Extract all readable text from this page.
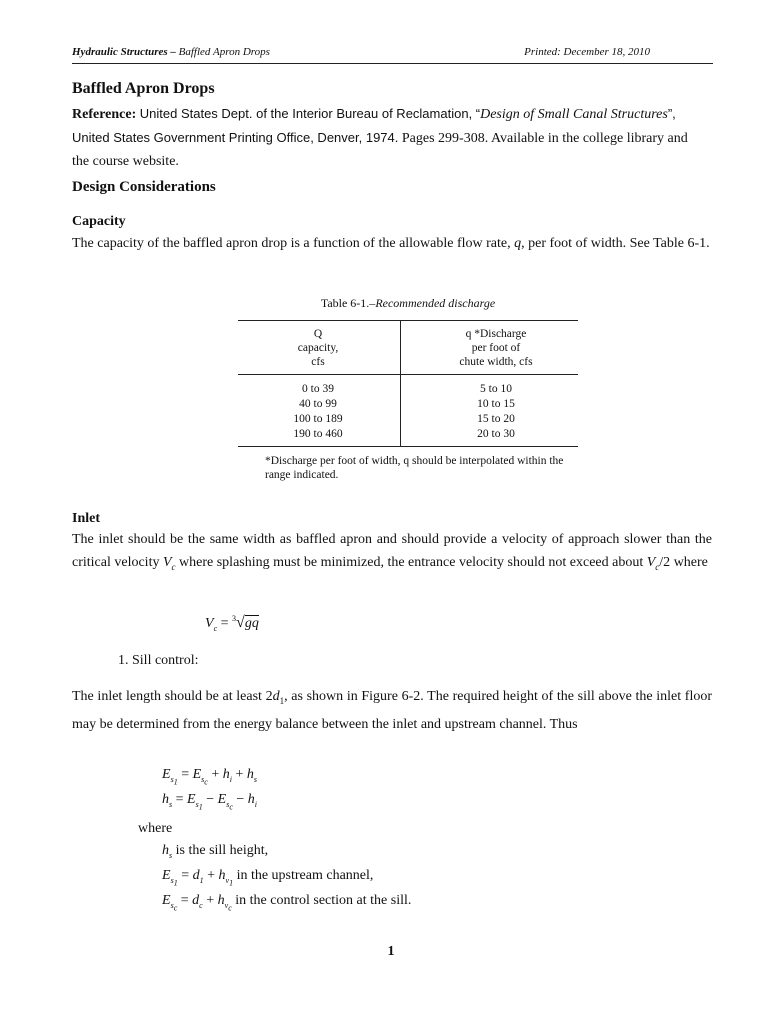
Hydraulic Structures – Baffled Apron Drops	Printed: December 18, 2010
Baffled Apron Drops
Reference: United States Dept. of the Interior Bureau of Reclamation, “Design of Small Canal Structures”, United States Government Printing Office, Denver, 1974. Pages 299-308. Available in the college library and the course website.
Design Considerations
Capacity
The capacity of the baffled apron drop is a function of the allowable flow rate, q, per foot of width. See Table 6-1.
Table 6-1.–Recommended discharge
Q
capacity,
cfs
q *Discharge
per foot of
chute width, cfs
0 to 39
40 to 99
100 to 189
190 to 460
5 to 10
10 to 15
15 to 20
20 to 30
*Discharge per foot of width, q should be interpolated within the range indicated.
Inlet
The inlet should be the same width as baffled apron and should provide a velocity of approach slower than the critical velocity $V_c$ where splashing must be minimized, the entrance velocity should not exceed about $V_c/2$ where
$V_c = ^3√gq$
1. Sill control:
The inlet length should be at least $2d_1$, as shown in Figure 6-2. The required height of the sill above the inlet floor may be determined from the energy balance between the inlet and upstream channel. Thus
$E_{s_1} = E_{s_c} + h_i + h_s$
$h_s = E_{s_1} - E_{s_c} - h_i$
where
$h_s$ is the sill height,
$E_{s_1} = d_1 + h_{v_1}$ in the upstream channel,
$E_{s_c} = d_c + h_{v_c}$ in the control section at the sill.
1
